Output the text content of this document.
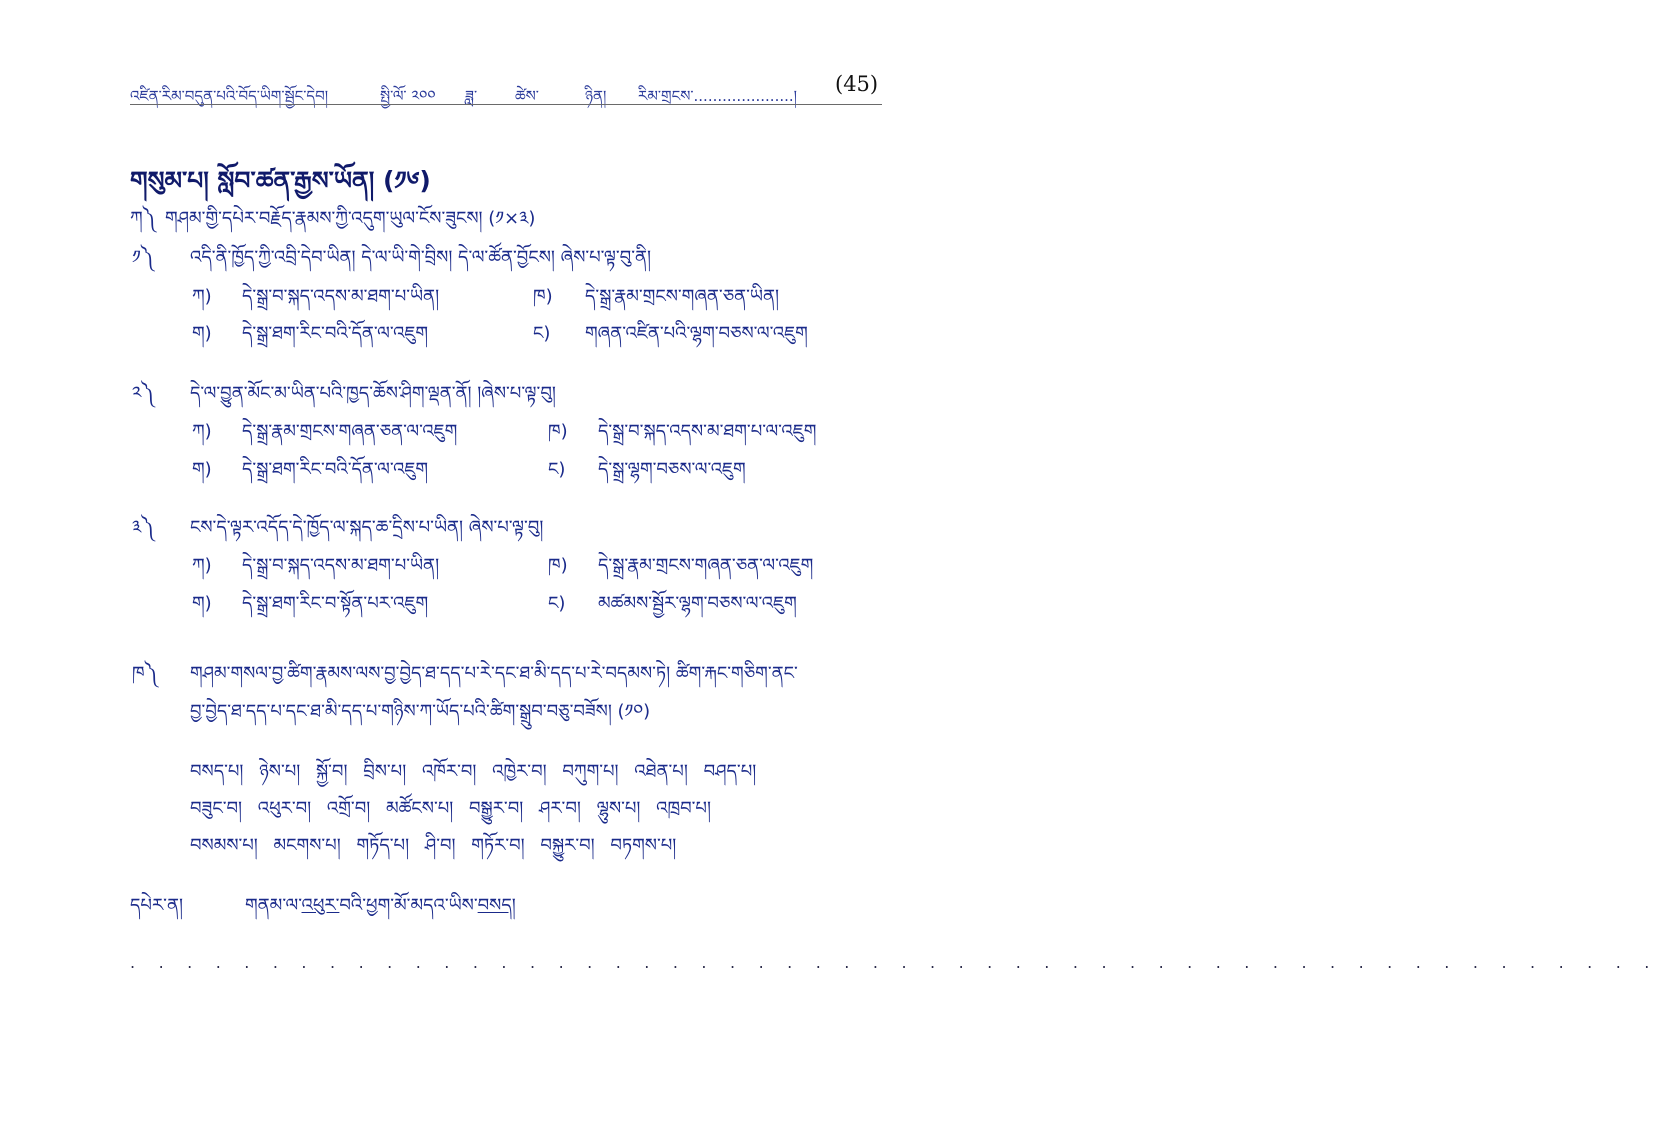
འཛིན་རིམ་བདུན་པའི་བོད་ཡིག་སྦྱོང་དེབ།	སྤྱི་ལོ་ ༢༠༠ ཟླ་	ཚེས་	ཉིན། རིམ་གྲངས་.....................། (45)
གསུམ་པ། སློབ་ཚན་རྒྱས་ཡོན། (༡༦)
ཀ༽ གཤམ་གྱི་དཔེར་བརྗོད་རྣམས་ཀྱི་འདུག་ཡུལ་ངོས་ཟུངས། (༡×༣)
༡༽ འདི་ནི་ཁྱོད་ཀྱི་འབྲི་དེབ་ཡིན། དེ་ལ་ཡི་གེ་བྲིས། དེ་ལ་ཚོན་བྱོངས། ཞེས་པ་ལྟ་བུ་ནི།
ཀ) དེ་སྒྲ་བ་སྐད་འདས་མ་ཐག་པ་ཡིན།	ཁ) དེ་སྒྲ་རྣམ་གྲངས་གཞན་ཅན་ཡིན།
ག) དེ་སྒྲ་ཐག་རིང་བའི་དོན་ལ་འཇུག	ང) གཞན་འཛིན་པའི་ལྷག་བཅས་ལ་འཇུག
༢༽ དེ་ལ་བྱུན་མོང་མ་ཡིན་པའི་ཁྱད་ཆོས་ཤིག་ལྡན་ནོ། །ཞེས་པ་ལྟ་བུ།
ཀ) དེ་སྒྲ་རྣམ་གྲངས་གཞན་ཅན་ལ་འཇུག	ཁ) དེ་སྒྲ་བ་སྐད་འདས་མ་ཐག་པ་ལ་འཇུག
ག) དེ་སྒྲ་ཐག་རིང་བའི་དོན་ལ་འཇུག	ང) དེ་སྒྲ་ལྷག་བཅས་ལ་འཇུག
༣༽ ངས་དེ་ལྟར་འདོད་དེ་ཁྱོད་ལ་སྐད་ཆ་དྲིས་པ་ཡིན། ཞེས་པ་ལྟ་བུ།
ཀ) དེ་སྒྲ་བ་སྐད་འདས་མ་ཐག་པ་ཡིན།	ཁ) དེ་སྒྲ་རྣམ་གྲངས་གཞན་ཅན་ལ་འཇུག
ག) དེ་སྒྲ་ཐག་རིང་བ་སྟོན་པར་འཇུག	ང) མཚམས་སྦྱོར་ལྷག་བཅས་ལ་འཇུག
ཁ༽ གཤམ་གསལ་བྱ་ཚིག་རྣམས་ལས་བྱ་བྱེད་ཐ་དད་པ་རེ་དང་ཐ་མི་དད་པ་རེ་བདམས་ཏེ། ཚིག་རྐང་གཅིག་ནང་
བྱ་བྱེད་ཐ་དད་པ་དང་ཐ་མི་དད་པ་གཉིས་ཀ་ཡོད་པའི་ཚིག་སྒྲུབ་བཅུ་བཟོས། (༡༠)
བསད་པ། ཉེས་པ། སྐྱོ་བ། བྲིས་པ། འཁོར་བ། འཁྱེར་བ། བཀུག་པ། འཐེན་པ། བཤད་པ།
བཟུང་བ། འཕུར་བ། འགྲོ་བ། མཚོངས་པ། བསྒྱུར་བ། ཤར་བ། ལྷུས་པ། འཁྲབ་པ།
བསམས་པ། མངགས་པ། གཏོད་པ། ཤི་བ། གཏོར་བ། བསྐྱུར་བ། བཏགས་པ།
དཔེར་ན།	གནམ་ལ་འཕུར་བའི་ཕྱག་མོ་མདའ་ཡིས་བསད།
. . . . . . . . . . . . . . . . . . . . . . . . . . . . . . . . . . . . . . . . . . . . . . . . . . . . . .
